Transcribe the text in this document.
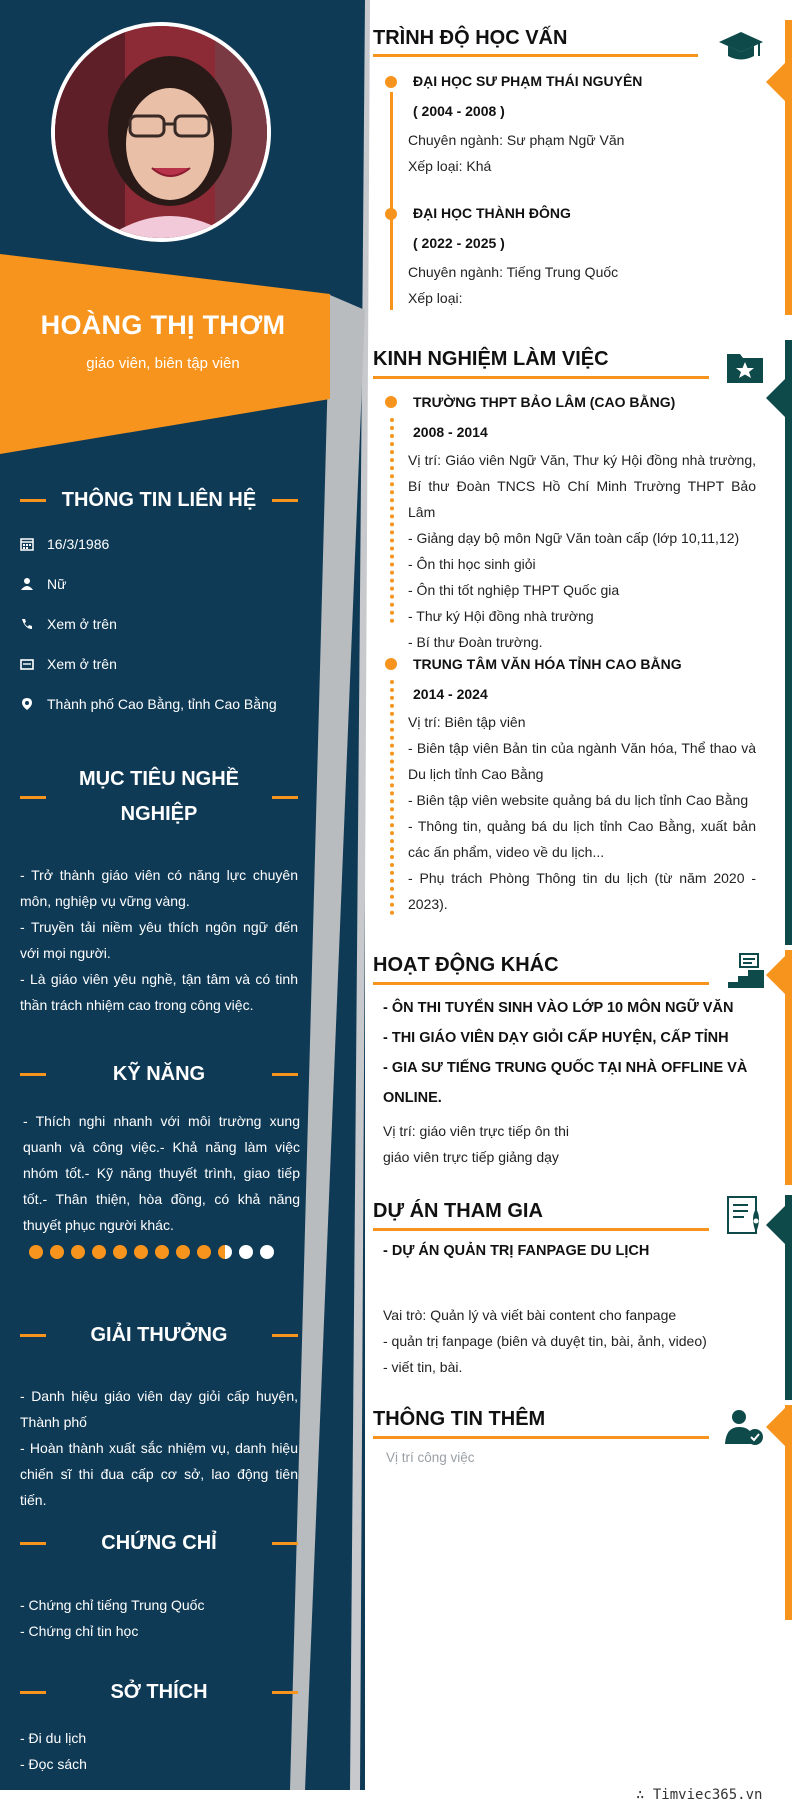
HOÀNG THỊ THƠM
giáo viên, biên tập viên
THÔNG TIN LIÊN HỆ
16/3/1986
Nữ
Xem ở trên
Xem ở trên
Thành phố Cao Bằng, tỉnh Cao Bằng
MỤC TIÊU NGHỀ
NGHIỆP
- Trở thành giáo viên có năng lực chuyên môn, nghiệp vụ vững vàng.
- Truyền tải niềm yêu thích ngôn ngữ đến với mọi người.
- Là giáo viên yêu nghề, tận tâm và có tinh thần trách nhiệm cao trong công việc.
KỸ NĂNG
- Thích nghi nhanh với môi trường xung quanh và công việc.- Khả năng làm việc nhóm tốt.- Kỹ năng thuyết trình, giao tiếp tốt.- Thân thiện, hòa đồng, có khả năng thuyết phục người khác.
GIẢI THƯỞNG
- Danh hiệu giáo viên dạy giỏi cấp huyện, Thành phố
- Hoàn thành xuất sắc nhiệm vụ, danh hiệu chiến sĩ thi đua cấp cơ sở, lao động tiên tiến.
CHỨNG CHỈ
- Chứng chỉ tiếng Trung Quốc
- Chứng chỉ tin học
SỞ THÍCH
- Đi du lịch
- Đọc sách
TRÌNH ĐỘ HỌC VẤN
ĐẠI HỌC SƯ PHẠM THÁI NGUYÊN
( 2004 - 2008 )
Chuyên ngành: Sư phạm Ngữ Văn
Xếp loại: Khá
ĐẠI HỌC THÀNH ĐÔNG
( 2022 - 2025 )
Chuyên ngành: Tiếng Trung Quốc
Xếp loại:
KINH NGHIỆM LÀM VIỆC
TRƯỜNG THPT BẢO LÂM (CAO BẰNG)
2008 - 2014
Vị trí: Giáo viên Ngữ Văn, Thư ký Hội đồng nhà trường, Bí thư Đoàn TNCS Hồ Chí Minh Trường THPT Bảo Lâm
- Giảng dạy bộ môn Ngữ Văn toàn cấp (lớp 10,11,12)
- Ôn thi học sinh giỏi
- Ôn thi tốt nghiệp THPT Quốc gia
- Thư ký Hội đồng nhà trường
- Bí thư Đoàn trường.
TRUNG TÂM VĂN HÓA TỈNH CAO BẰNG
2014 - 2024
Vị trí: Biên tập viên
- Biên tập viên Bản tin của ngành Văn hóa, Thể thao và Du lịch tỉnh Cao Bằng
- Biên tập viên website quảng bá du lịch tỉnh Cao Bằng
- Thông tin, quảng bá du lịch tỉnh Cao Bằng, xuất bản các ấn phẩm, video về du lịch...
- Phụ trách Phòng Thông tin du lịch (từ năm 2020 - 2023).
HOẠT ĐỘNG KHÁC
- ÔN THI TUYỂN SINH VÀO LỚP 10 MÔN NGỮ VĂN
- THI GIÁO VIÊN DẠY GIỎI CẤP HUYỆN, CẤP TỈNH
- GIA SƯ TIẾNG TRUNG QUỐC TẠI NHÀ OFFLINE VÀ ONLINE.
Vị trí: giáo viên trực tiếp ôn thi
giáo viên trực tiếp giảng dạy
DỰ ÁN THAM GIA
- DỰ ÁN QUẢN TRỊ FANPAGE DU LỊCH
Vai trò: Quản lý và viết bài content cho fanpage
- quản trị fanpage (biên và duyệt tin, bài, ảnh, video)
- viết tin, bài.
THÔNG TIN THÊM
Vị trí công việc
∴ Timviec365.vn
